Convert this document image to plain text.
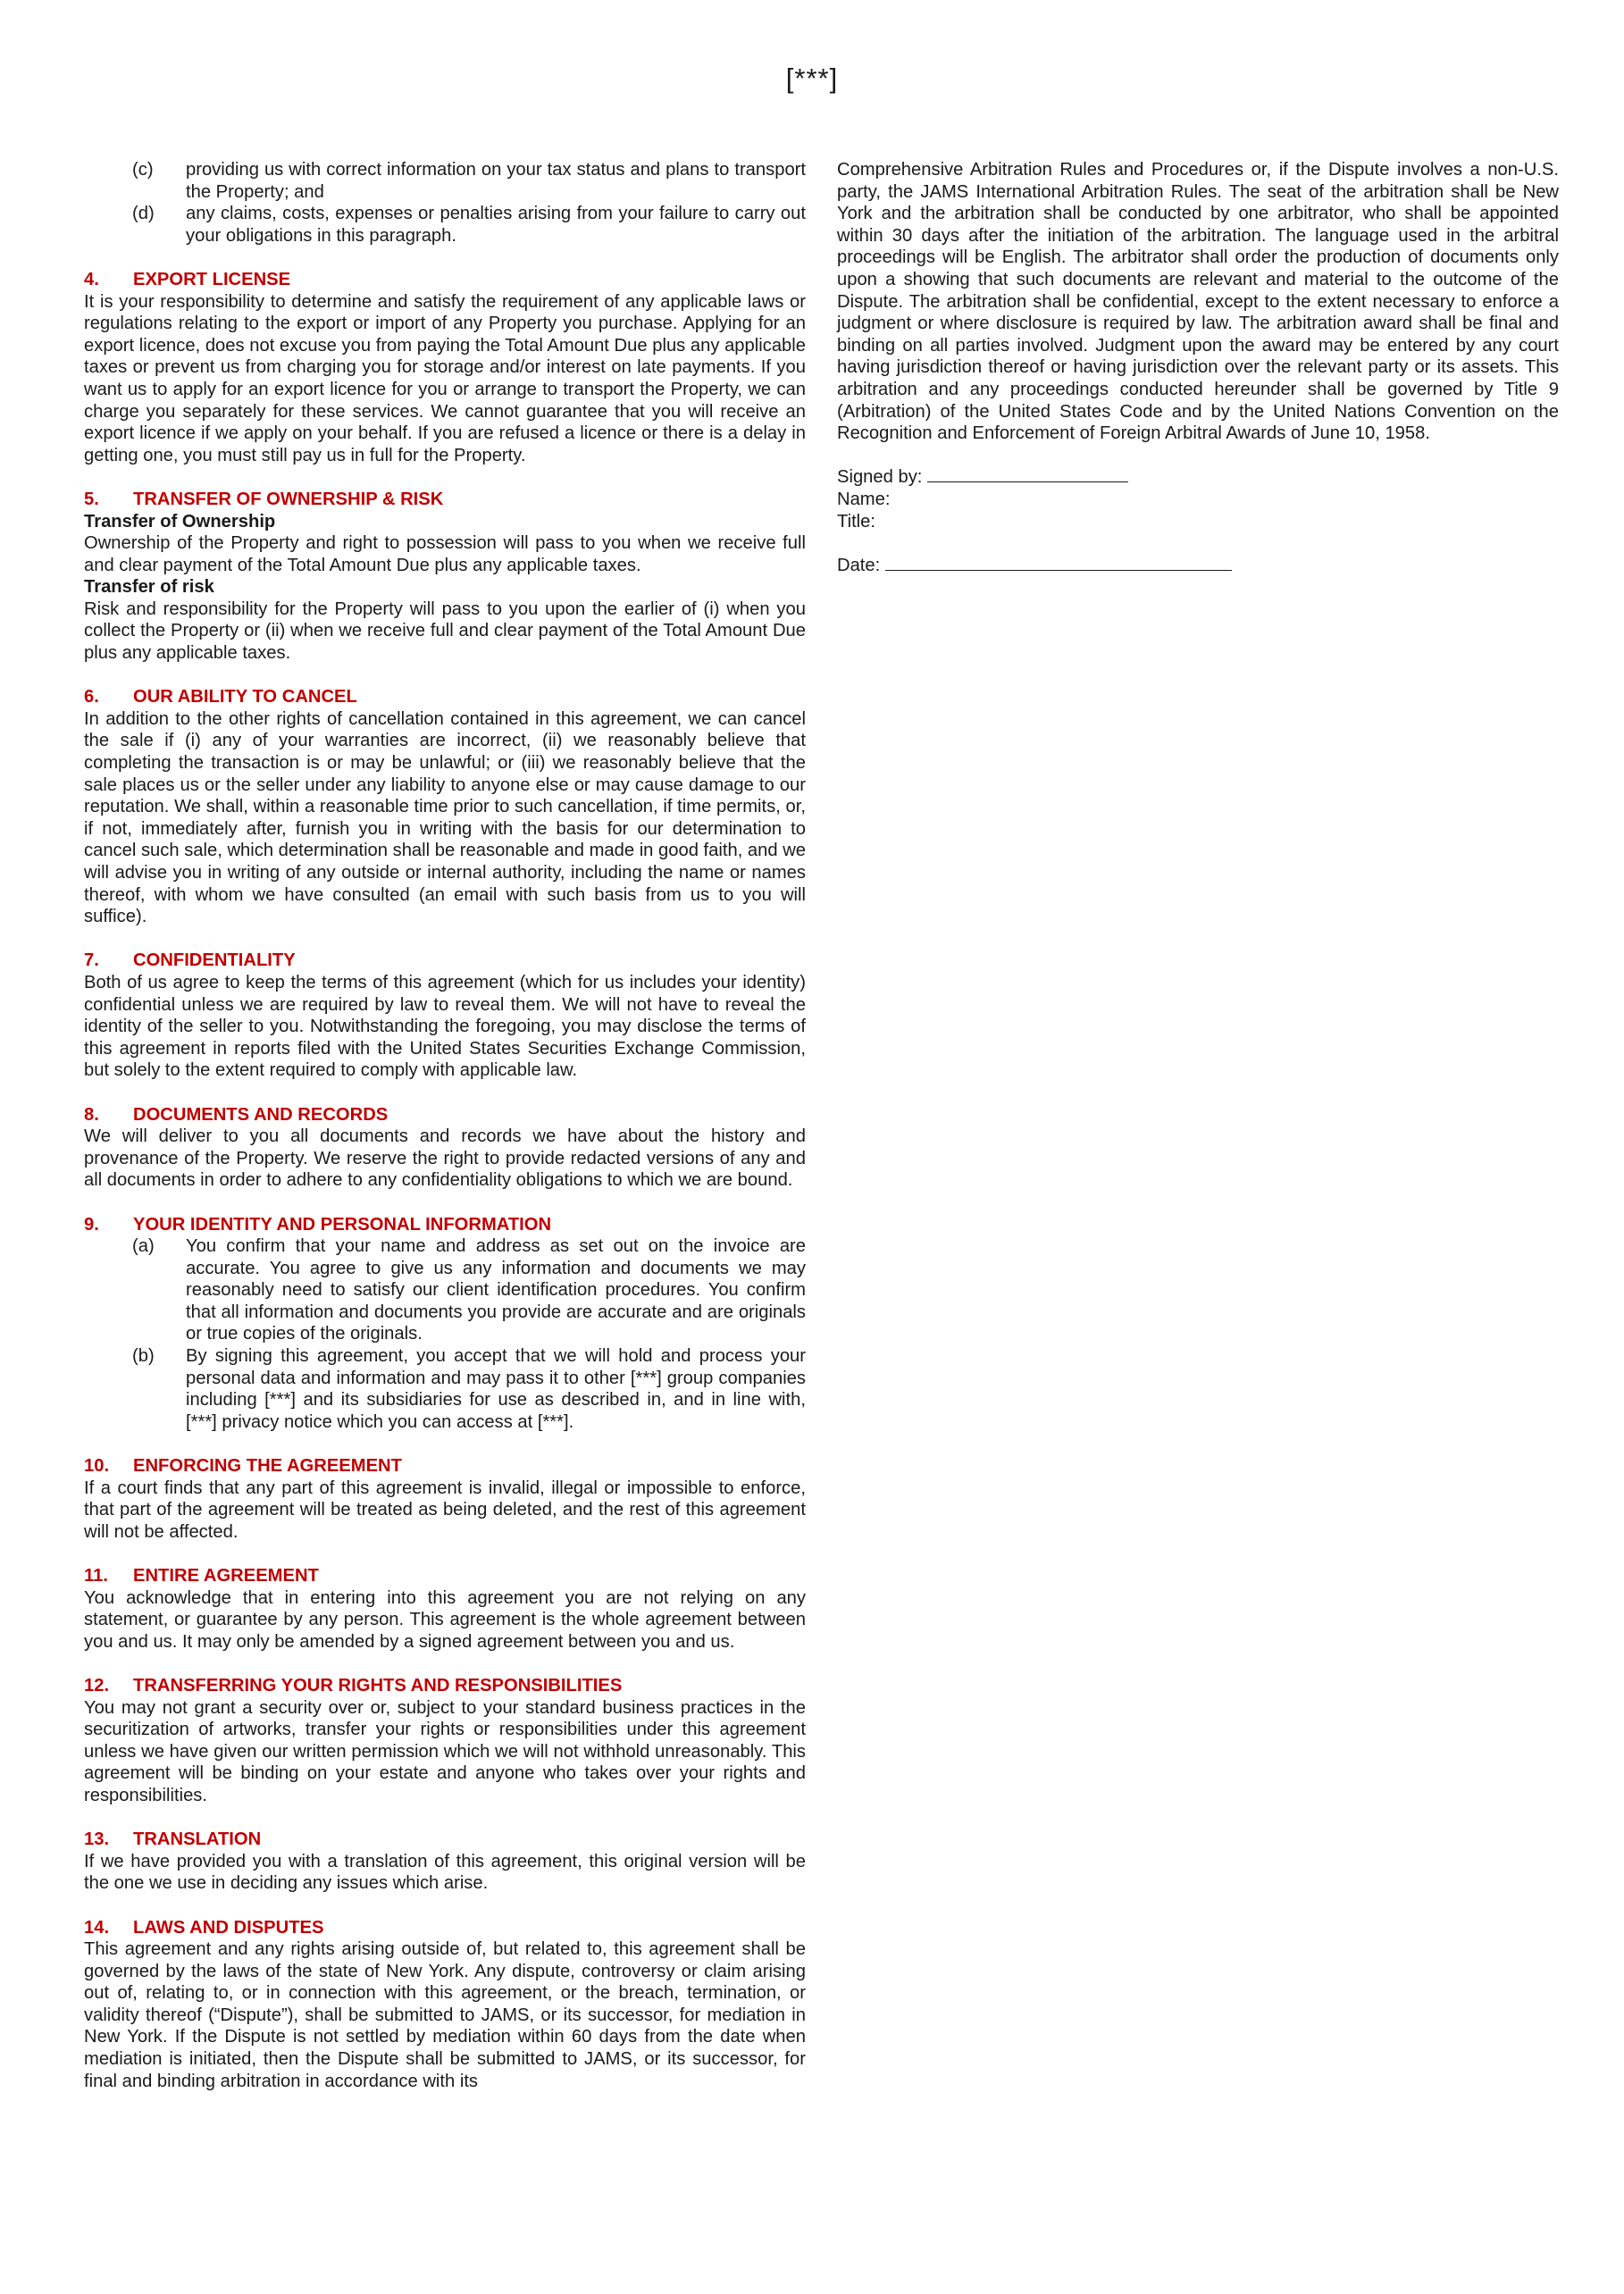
[***]
(c)	providing us with correct information on your tax status and plans to transport the Property; and
(d)	any claims, costs, expenses or penalties arising from your failure to carry out your obligations in this paragraph.
4.	EXPORT LICENSE

It is your responsibility to determine and satisfy the requirement of any applicable laws or regulations relating to the export or import of any Property you purchase. Applying for an export licence, does not excuse you from paying the Total Amount Due plus any applicable taxes or prevent us from charging you for storage and/or interest on late payments. If you want us to apply for an export licence for you or arrange to transport the Property, we can charge you separately for these services. We cannot guarantee that you will receive an export licence if we apply on your behalf. If you are refused a licence or there is a delay in getting one, you must still pay us in full for the Property.

5.	TRANSFER OF OWNERSHIP & RISK

Transfer of Ownership

Ownership of the Property and right to possession will pass to you when we receive full and clear payment of the Total Amount Due plus any applicable taxes.

Transfer of risk

Risk and responsibility for the Property will pass to you upon the earlier of (i) when you collect the Property or (ii) when we receive full and clear payment of the Total Amount Due plus any applicable taxes.

6.	OUR ABILITY TO CANCEL

In addition to the other rights of cancellation contained in this agreement, we can cancel the sale if (i) any of your warranties are incorrect, (ii) we reasonably believe that completing the transaction is or may be unlawful; or (iii) we reasonably believe that the sale places us or the seller under any liability to anyone else or may cause damage to our reputation. We shall, within a reasonable time prior to such cancellation, if time permits, or, if not, immediately after, furnish you in writing with the basis for our determination to cancel such sale, which determination shall be reasonable and made in good faith, and we will advise you in writing of any outside or internal authority, including the name or names thereof, with whom we have consulted (an email with such basis from us to you will suffice).

7.	CONFIDENTIALITY

Both of us agree to keep the terms of this agreement (which for us includes your identity) confidential unless we are required by law to reveal them. We will not have to reveal the identity of the seller to you. Notwithstanding the foregoing, you may disclose the terms of this agreement in reports filed with the United States Securities Exchange Commission, but solely to the extent required to comply with applicable law.

8.	DOCUMENTS AND RECORDS

We will deliver to you all documents and records we have about the history and provenance of the Property. We reserve the right to provide redacted versions of any and all documents in order to adhere to any confidentiality obligations to which we are bound.

9.	YOUR IDENTITY AND PERSONAL INFORMATION
(a)	You confirm that your name and address as set out on the invoice are accurate. You agree to give us any information and documents we may reasonably need to satisfy our client identification procedures. You confirm that all information and documents you provide are accurate and are originals or true copies of the originals.
(b)	By signing this agreement, you accept that we will hold and process your personal data and information and may pass it to other [***] group companies including [***] and its subsidiaries for use as described in, and in line with, [***] privacy notice which you can access at [***].
10.	ENFORCING THE AGREEMENT

If a court finds that any part of this agreement is invalid, illegal or impossible to enforce, that part of the agreement will be treated as being deleted, and the rest of this agreement will not be affected.

11.	ENTIRE AGREEMENT

You acknowledge that in entering into this agreement you are not relying on any statement, or guarantee by any person. This agreement is the whole agreement between you and us. It may only be amended by a signed agreement between you and us.

12.	TRANSFERRING YOUR RIGHTS AND RESPONSIBILITIES

You may not grant a security over or, subject to your standard business practices in the securitization of artworks, transfer your rights or responsibilities under this agreement unless we have given our written permission which we will not withhold unreasonably. This agreement will be binding on your estate and anyone who takes over your rights and responsibilities.

13.	TRANSLATION

If we have provided you with a translation of this agreement, this original version will be the one we use in deciding any issues which arise.

14.	LAWS AND DISPUTES

This agreement and any rights arising outside of, but related to, this agreement shall be governed by the laws of the state of New York. Any dispute, controversy or claim arising out of, relating to, or in connection with this agreement, or the breach, termination, or validity thereof (“Dispute”), shall be submitted to JAMS, or its successor, for mediation in New York. If the Dispute is not settled by mediation within 60 days from the date when mediation is initiated, then the Dispute shall be submitted to JAMS, or its successor, for final and binding arbitration in accordance with its

Comprehensive Arbitration Rules and Procedures or, if the Dispute involves a non-U.S. party, the JAMS International Arbitration Rules. The seat of the arbitration shall be New York and the arbitration shall be conducted by one arbitrator, who shall be appointed within 30 days after the initiation of the arbitration. The language used in the arbitral proceedings will be English. The arbitrator shall order the production of documents only upon a showing that such documents are relevant and material to the outcome of the Dispute. The arbitration shall be confidential, except to the extent necessary to enforce a judgment or where disclosure is required by law. The arbitration award shall be final and binding on all parties involved. Judgment upon the award may be entered by any court having jurisdiction thereof or having jurisdiction over the relevant party or its assets. This arbitration and any proceedings conducted hereunder shall be governed by Title 9 (Arbitration) of the United States Code and by the United Nations Convention on the Recognition and Enforcement of Foreign Arbitral Awards of June 10, 1958.

Signed by:

Name:

Title:

Date:
